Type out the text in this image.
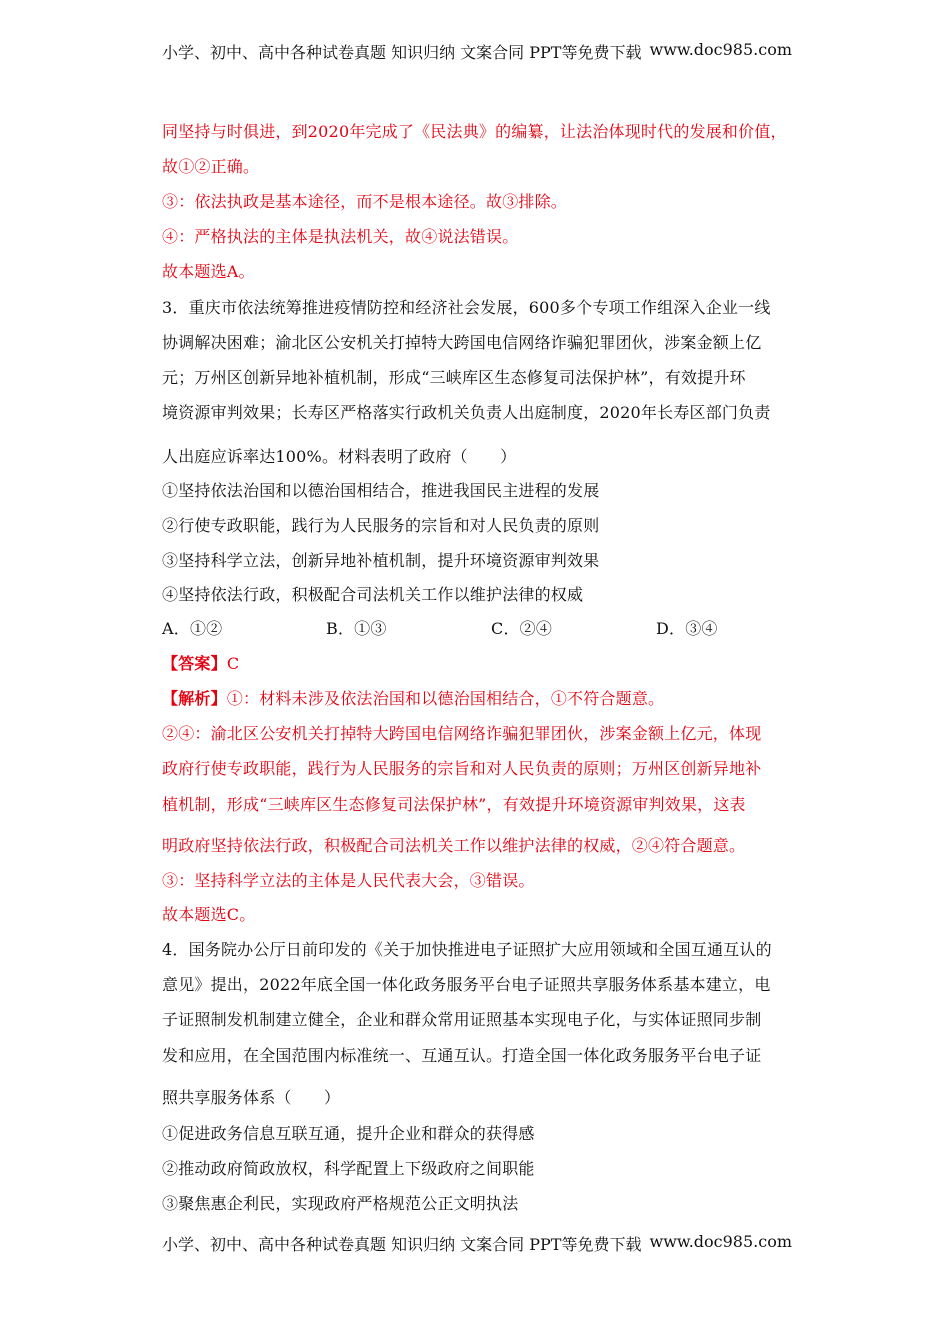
小学、初中、高中各种试卷真题 知识归纳 文案合同 PPT等免费下载 www.doc985.com
同坚持与时俱进，到2020年完成了《民法典》的编纂，让法治体现时代的发展和价值，
故①②正确。
③：依法执政是基本途径，而不是根本途径。故③排除。
④：严格执法的主体是执法机关，故④说法错误。
故本题选A。
3．重庆市依法统筹推进疫情防控和经济社会发展，600多个专项工作组深入企业一线
协调解决困难；渝北区公安机关打掉特大跨国电信网络诈骗犯罪团伙，涉案金额上亿
元；万州区创新异地补植机制，形成“三峡库区生态修复司法保护林”，有效提升环
境资源审判效果；长寿区严格落实行政机关负责人出庭制度，2020年长寿区部门负责
人出庭应诉率达100%。材料表明了政府（　　）
①坚持依法治国和以德治国相结合，推进我国民主进程的发展
②行使专政职能，践行为人民服务的宗旨和对人民负责的原则
③坚持科学立法，创新异地补植机制，提升环境资源审判效果
④坚持依法行政，积极配合司法机关工作以维护法律的权威
A．①②	B．①③	C．②④	D．③④
【答案】C
【解析】①：材料未涉及依法治国和以德治国相结合，①不符合题意。
②④：渝北区公安机关打掉特大跨国电信网络诈骗犯罪团伙，涉案金额上亿元，体现
政府行使专政职能，践行为人民服务的宗旨和对人民负责的原则；万州区创新异地补
植机制，形成“三峡库区生态修复司法保护林”，有效提升环境资源审判效果，这表
明政府坚持依法行政，积极配合司法机关工作以维护法律的权威，②④符合题意。
③：坚持科学立法的主体是人民代表大会，③错误。
故本题选C。
4．国务院办公厅日前印发的《关于加快推进电子证照扩大应用领域和全国互通互认的
意见》提出，2022年底全国一体化政务服务平台电子证照共享服务体系基本建立，电
子证照制发机制建立健全，企业和群众常用证照基本实现电子化，与实体证照同步制
发和应用，在全国范围内标准统一、互通互认。打造全国一体化政务服务平台电子证
照共享服务体系（　　）
①促进政务信息互联互通，提升企业和群众的获得感
②推动政府简政放权，科学配置上下级政府之间职能
③聚焦惠企利民，实现政府严格规范公正文明执法
小学、初中、高中各种试卷真题 知识归纳 文案合同 PPT等免费下载 www.doc985.com
